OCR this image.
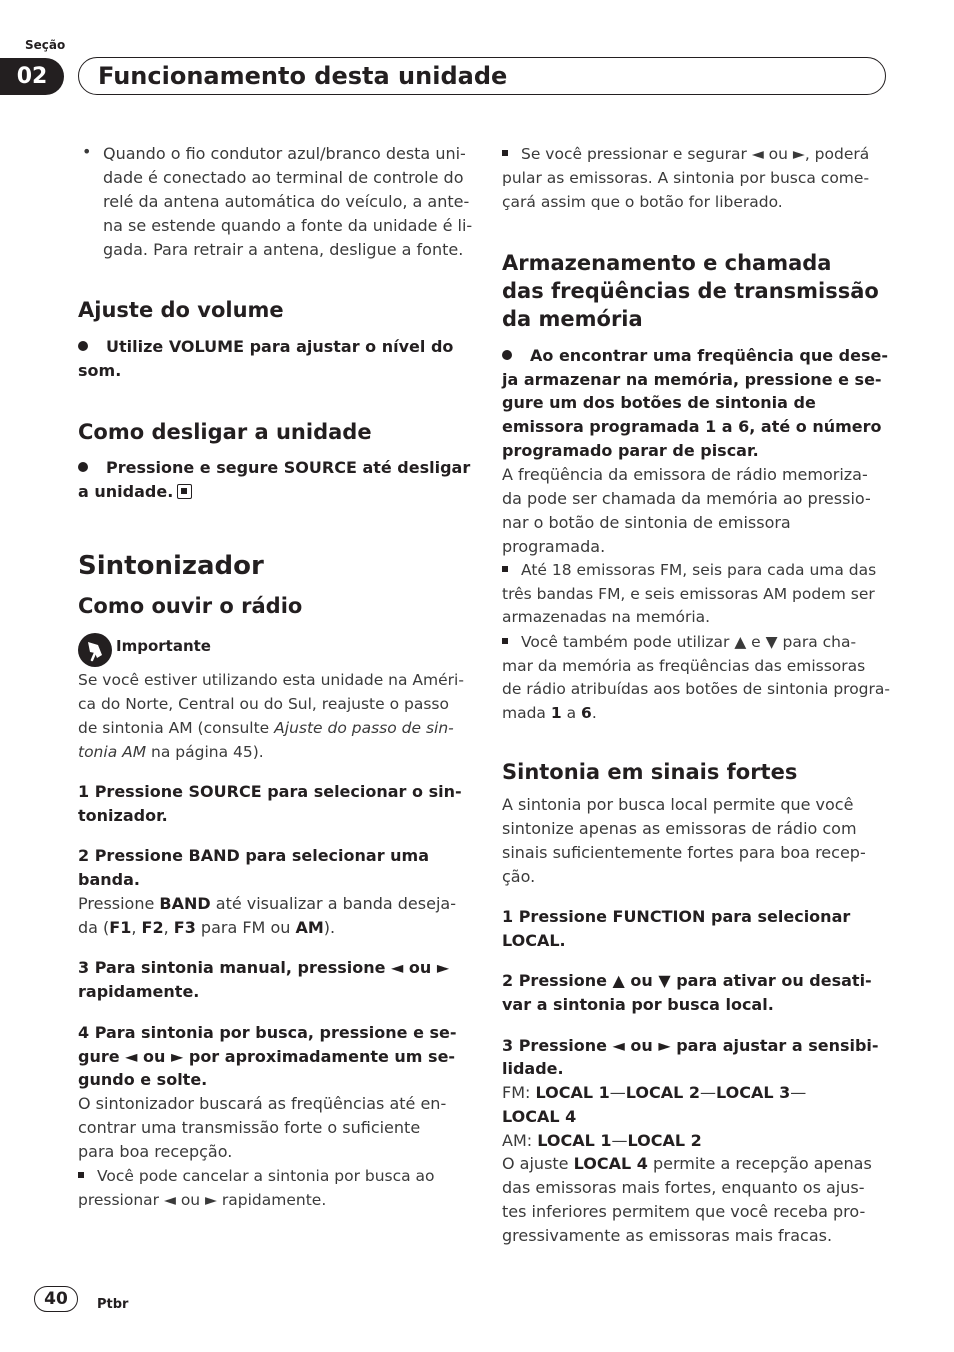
Seção
02	Funcionamento desta unidade
• Quando o fio condutor azul/branco desta uni-
dade é conectado ao terminal de controle do
relé da antena automática do veículo, a ante-
na se estende quando a fonte da unidade é li-
gada. Para retrair a antena, desligue a fonte.
Ajuste do volume
Utilize VOLUME para ajustar o nível do
som.
Como desligar a unidade
Pressione e segure SOURCE até desligar
a unidade.
Sintonizador
Como ouvir o rádio
Importante
Se você estiver utilizando esta unidade na Améri-
ca do Norte, Central ou do Sul, reajuste o passo
de sintonia AM (consulte Ajuste do passo de sin-
tonia AM na página 45).
1 Pressione SOURCE para selecionar o sin-
tonizador.
2 Pressione BAND para selecionar uma
banda.
Pressione BAND até visualizar a banda deseja-
da (F1, F2, F3 para FM ou AM).
3 Para sintonia manual, pressione ◄ ou ►
rapidamente.
4 Para sintonia por busca, pressione e se-
gure ◄ ou ► por aproximadamente um se-
gundo e solte.
O sintonizador buscará as freqüências até en-
contrar uma transmissão forte o suficiente
para boa recepção.
Você pode cancelar a sintonia por busca ao
pressionar ◄ ou ► rapidamente.
Se você pressionar e segurar ◄ ou ►, poderá
pular as emissoras. A sintonia por busca come-
çará assim que o botão for liberado.
Armazenamento e chamada
das freqüências de transmissão
da memória
Ao encontrar uma freqüência que dese-
ja armazenar na memória, pressione e se-
gure um dos botões de sintonia de
emissora programada 1 a 6, até o número
programado parar de piscar.
A freqüência da emissora de rádio memoriza-
da pode ser chamada da memória ao pressio-
nar o botão de sintonia de emissora
programada.
Até 18 emissoras FM, seis para cada uma das
três bandas FM, e seis emissoras AM podem ser
armazenadas na memória.
Você também pode utilizar ▲ e ▼ para cha-
mar da memória as freqüências das emissoras
de rádio atribuídas aos botões de sintonia progra-
mada 1 a 6.
Sintonia em sinais fortes
A sintonia por busca local permite que você
sintonize apenas as emissoras de rádio com
sinais suficientemente fortes para boa recep-
ção.
1 Pressione FUNCTION para selecionar
LOCAL.
2 Pressione ▲ ou ▼ para ativar ou desati-
var a sintonia por busca local.
3 Pressione ◄ ou ► para ajustar a sensibi-
lidade.
FM: LOCAL 1—LOCAL 2—LOCAL 3—
LOCAL 4
AM: LOCAL 1—LOCAL 2
O ajuste LOCAL 4 permite a recepção apenas
das emissoras mais fortes, enquanto os ajus-
tes inferiores permitem que você receba pro-
gressivamente as emissoras mais fracas.
40	Ptbr
